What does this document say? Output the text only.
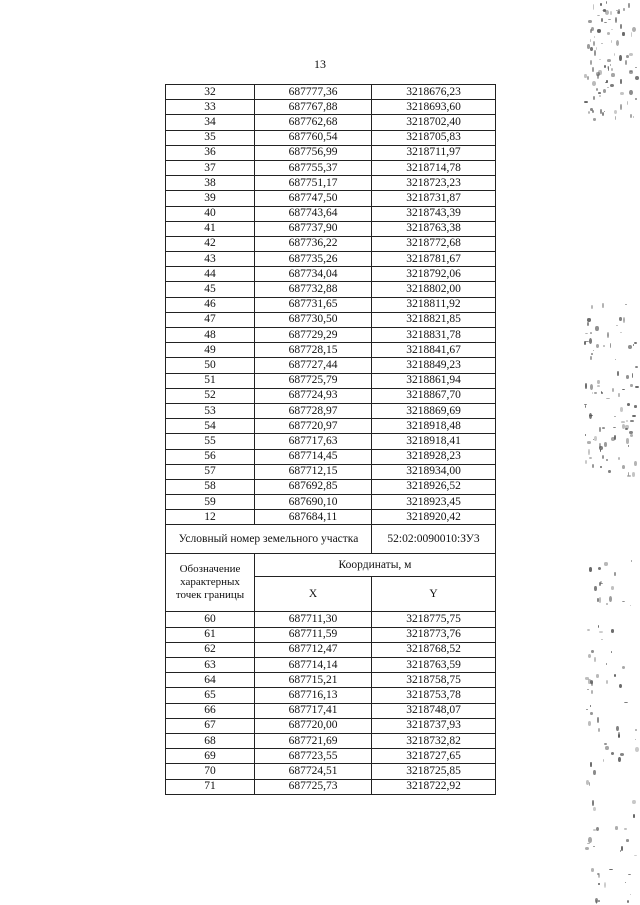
13
32	687777,36	3218676,23
33	687767,88	3218693,60
34	687762,68	3218702,40
35	687760,54	3218705,83
36	687756,99	3218711,97
37	687755,37	3218714,78
38	687751,17	3218723,23
39	687747,50	3218731,87
40	687743,64	3218743,39
41	687737,90	3218763,38
42	687736,22	3218772,68
43	687735,26	3218781,67
44	687734,04	3218792,06
45	687732,88	3218802,00
46	687731,65	3218811,92
47	687730,50	3218821,85
48	687729,29	3218831,78
49	687728,15	3218841,67
50	687727,44	3218849,23
51	687725,79	3218861,94
52	687724,93	3218867,70
53	687728,97	3218869,69
54	687720,97	3218918,48
55	687717,63	3218918,41
56	687714,45	3218928,23
57	687712,15	3218934,00
58	687692,85	3218926,52
59	687690,10	3218923,45
12	687684,11	3218920,42
Условный номер земельного участка		52:02:0090010:ЗУ3
Обозначение характерных точек границы	Координаты, м	
	X	Y
60	687711,30	3218775,75
61	687711,59	3218773,76
62	687712,47	3218768,52
63	687714,14	3218763,59
64	687715,21	3218758,75
65	687716,13	3218753,78
66	687717,41	3218748,07
67	687720,00	3218737,93
68	687721,69	3218732,82
69	687723,55	3218727,65
70	687724,51	3218725,85
71	687725,73	3218722,92
